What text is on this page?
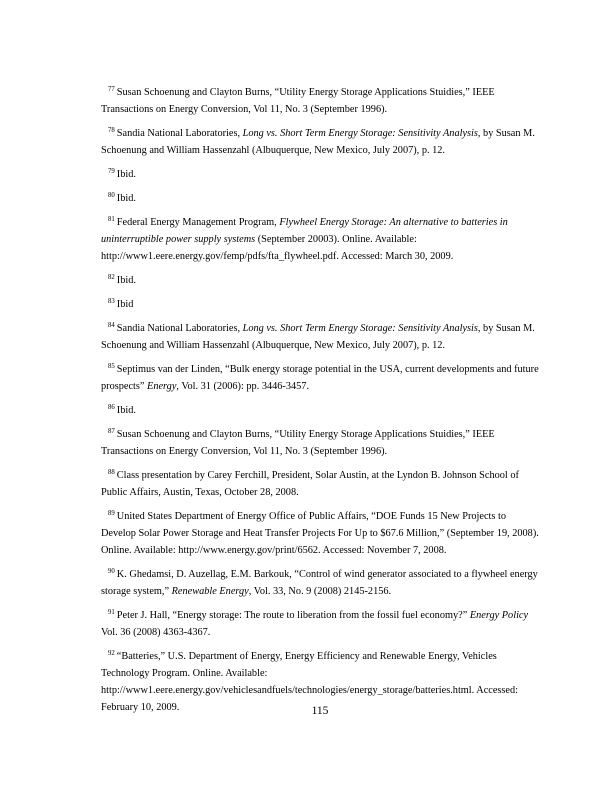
$^{77}$ Susan Schoenung and Clayton Burns, “Utility Energy Storage Applications Stuidies,” IEEE Transactions on Energy Conversion, Vol 11, No. 3 (September 1996).

$^{78}$ Sandia National Laboratories, Long vs. Short Term Energy Storage: Sensitivity Analysis, by Susan M. Schoenung and William Hassenzahl (Albuquerque, New Mexico, July 2007), p. 12.

$^{79}$ Ibid.

$^{80}$ Ibid.

$^{81}$ Federal Energy Management Program, Flywheel Energy Storage: An alternative to batteries in uninterruptible power supply systems (September 20003). Online. Available: http://www1.eere.energy.gov/femp/pdfs/fta_flywheel.pdf. Accessed: March 30, 2009.

$^{82}$ Ibid.

$^{83}$ Ibid

$^{84}$ Sandia National Laboratories, Long vs. Short Term Energy Storage: Sensitivity Analysis, by Susan M. Schoenung and William Hassenzahl (Albuquerque, New Mexico, July 2007), p. 12.

$^{85}$ Septimus van der Linden, “Bulk energy storage potential in the USA, current developments and future prospects” Energy, Vol. 31 (2006): pp. 3446-3457.

$^{86}$ Ibid.

$^{87}$ Susan Schoenung and Clayton Burns, “Utility Energy Storage Applications Stuidies,” IEEE Transactions on Energy Conversion, Vol 11, No. 3 (September 1996).

$^{88}$ Class presentation by Carey Ferchill, President, Solar Austin, at the Lyndon B. Johnson School of Public Affairs, Austin, Texas, October 28, 2008.

$^{89}$ United States Department of Energy Office of Public Affairs, “DOE Funds 15 New Projects to Develop Solar Power Storage and Heat Transfer Projects For Up to $67.6 Million,” (September 19, 2008). Online. Available: http://www.energy.gov/print/6562. Accessed: November 7, 2008.

$^{90}$ K. Ghedamsi, D. Auzellag, E.M. Barkouk, “Control of wind generator associated to a flywheel energy storage system,” Renewable Energy, Vol. 33, No. 9 (2008) 2145-2156.

$^{91}$ Peter J. Hall, “Energy storage: The route to liberation from the fossil fuel economy?” Energy Policy Vol. 36 (2008) 4363-4367.

$^{92}$ “Batteries,” U.S. Department of Energy, Energy Efficiency and Renewable Energy, Vehicles Technology Program. Online. Available: http://www1.eere.energy.gov/vehiclesandfuels/technologies/energy_storage/batteries.html. Accessed: February 10, 2009.	115
